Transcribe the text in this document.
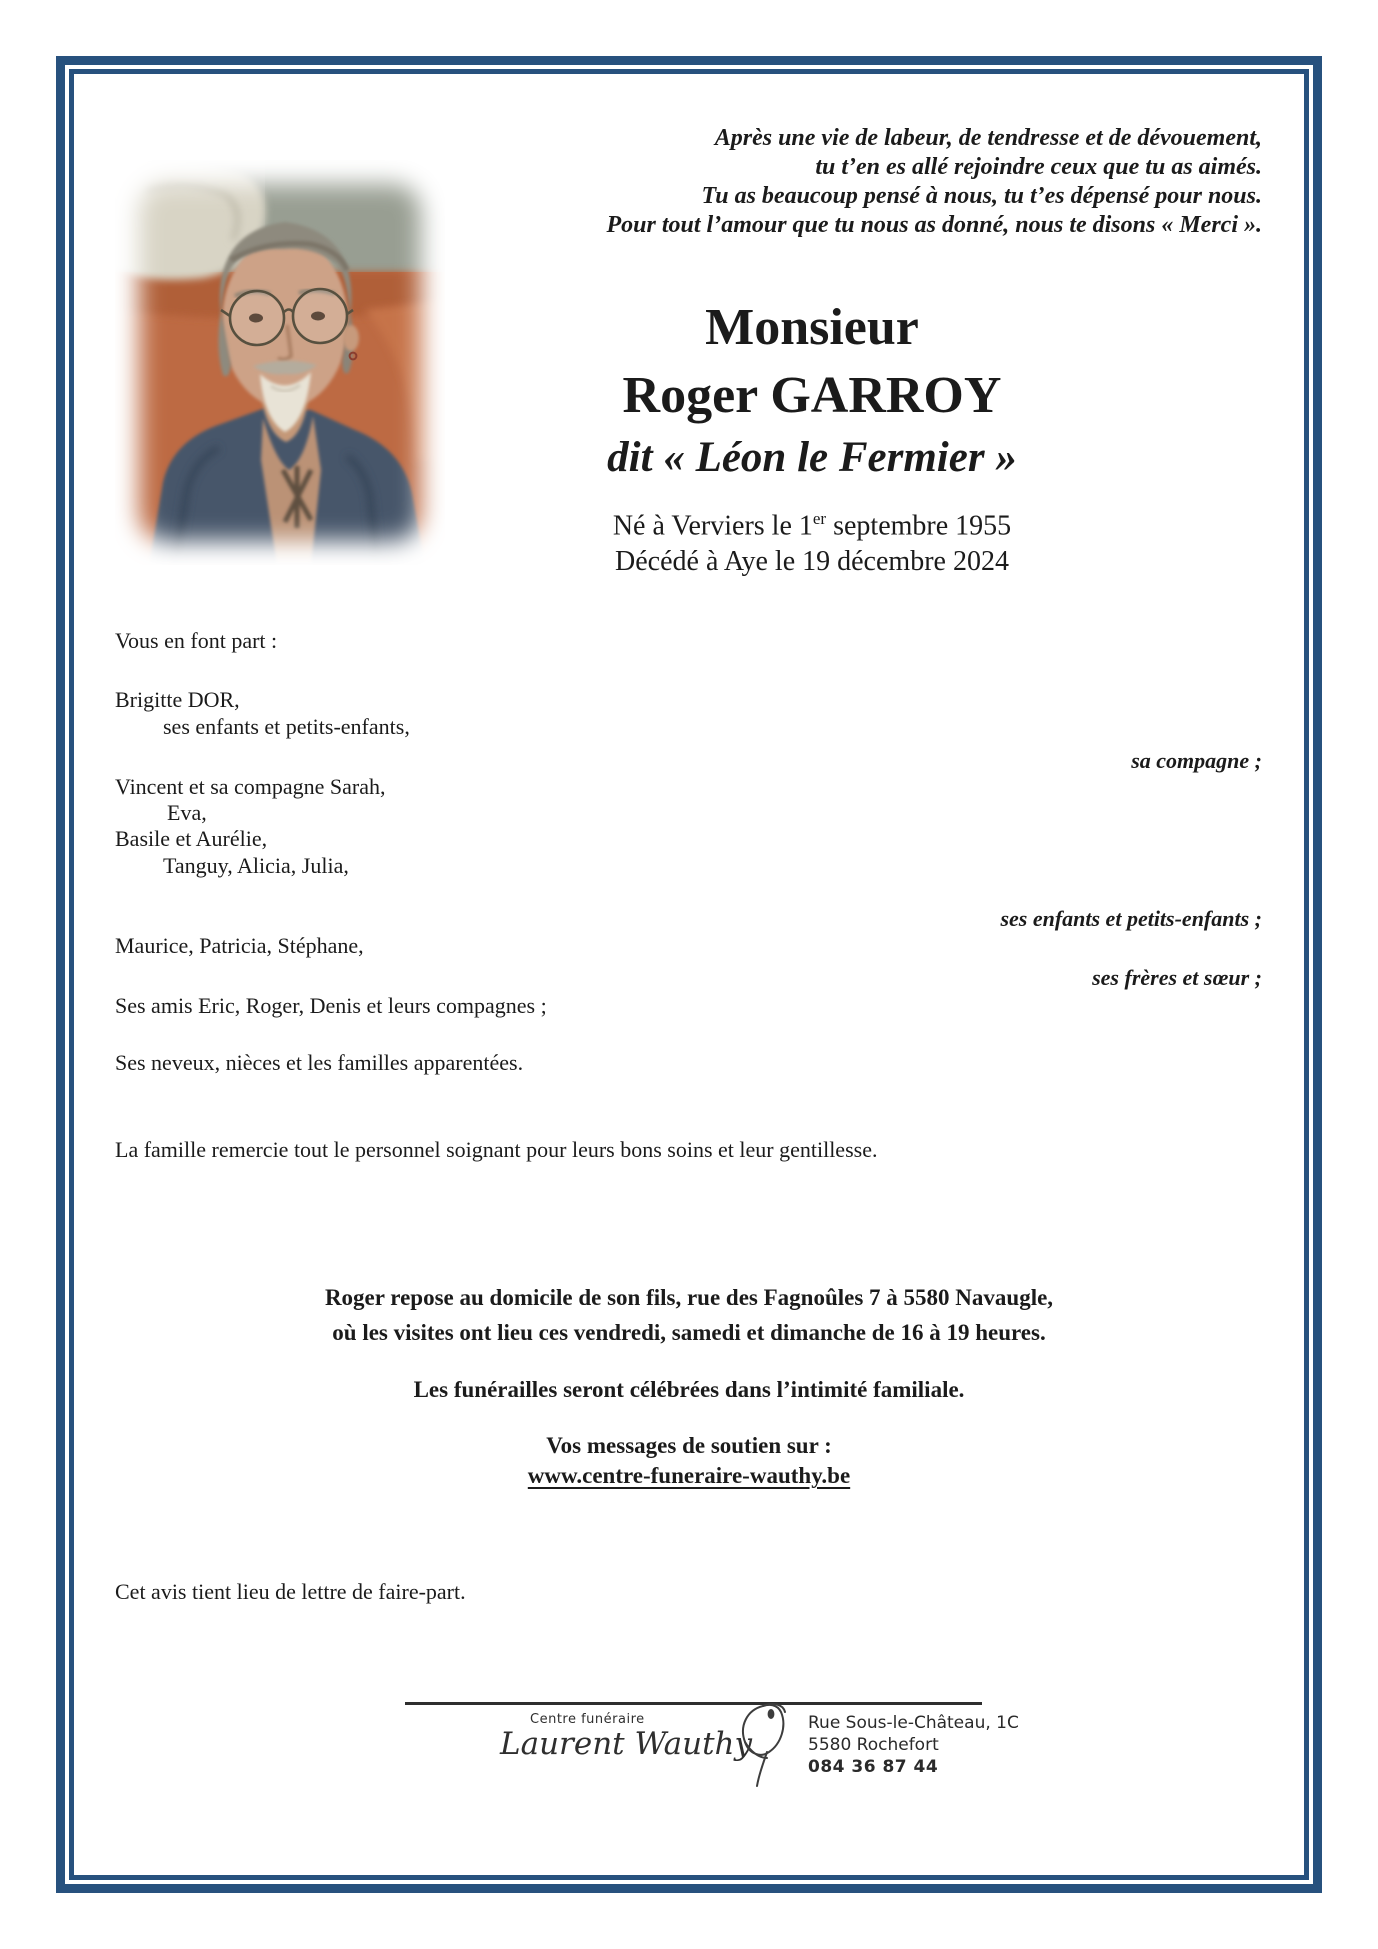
Après une vie de labeur, de tendresse et de dévouement,
tu t’en es allé rejoindre ceux que tu as aimés.
Tu as beaucoup pensé à nous, tu t’es dépensé pour nous.
Pour tout l’amour que tu nous as donné, nous te disons « Merci ».
Monsieur
Roger GARROY
dit « Léon le Fermier »
Né à Verviers le 1er septembre 1955
Décédé à Aye le 19 décembre 2024
Vous en font part :
Brigitte DOR,
ses enfants et petits-enfants,
sa compagne ;
Vincent et sa compagne Sarah,
Eva,
Basile et Aurélie,
Tanguy, Alicia, Julia,
ses enfants et petits-enfants ;
Maurice, Patricia, Stéphane,
ses frères et sœur ;
Ses amis Eric, Roger, Denis et leurs compagnes ;
Ses neveux, nièces et les familles apparentées.
La famille remercie tout le personnel soignant pour leurs bons soins et leur gentillesse.
Roger repose au domicile de son fils, rue des Fagnoûles 7 à 5580 Navaugle,
où les visites ont lieu ces vendredi, samedi et dimanche de 16 à 19 heures.
Les funérailles seront célébrées dans l’intimité familiale.
Vos messages de soutien sur :
www.centre-funeraire-wauthy.be
Cet avis tient lieu de lettre de faire-part.
Centre funéraire
Laurent Wauthy
Rue Sous-le-Château, 1C
5580 Rochefort
084 36 87 44
